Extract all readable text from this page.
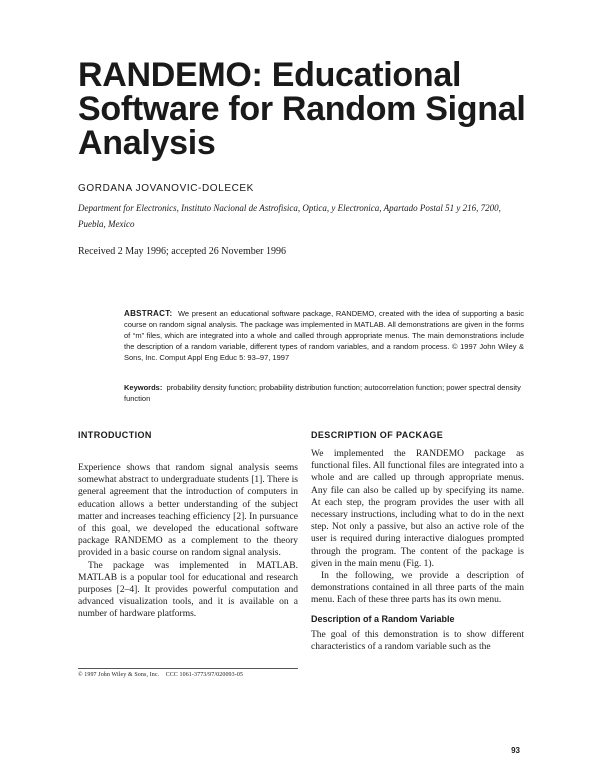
RANDEMO: Educational Software for Random Signal Analysis
GORDANA JOVANOVIC-DOLECEK
Department for Electronics, Instituto Nacional de Astrofisica, Optica, y Electronica, Apartado Postal 51 y 216, 7200, Puebla, Mexico
Received 2 May 1996; accepted 26 November 1996
ABSTRACT: We present an educational software package, RANDEMO, created with the idea of supporting a basic course on random signal analysis. The package was implemented in MATLAB. All demonstrations are given in the forms of “m” files, which are integrated into a whole and called through appropriate menus. The main demonstrations include the description of a random variable, different types of random variables, and a random process. © 1997 John Wiley & Sons, Inc. Comput Appl Eng Educ 5: 93–97, 1997
Keywords: probability density function; probability distribution function; autocorrelation function; power spectral density function
INTRODUCTION

Experience shows that random signal analysis seems somewhat abstract to undergraduate students [1]. There is general agreement that the introduction of computers in education allows a better understanding of the subject matter and increases teaching efficiency [2]. In pursuance of this goal, we developed the educational software package RANDEMO as a complement to the theory provided in a basic course on random signal analysis.

The package was implemented in MATLAB. MATLAB is a popular tool for educational and research purposes [2–4]. It provides powerful computation and advanced visualization tools, and it is available on a number of hardware platforms.

DESCRIPTION OF PACKAGE

We implemented the RANDEMO package as functional files. All functional files are integrated into a whole and are called up through appropriate menus. Any file can also be called up by specifying its name. At each step, the program provides the user with all necessary instructions, including what to do in the next step. Not only a passive, but also an active role of the user is required during interactive dialogues prompted through the program. The content of the package is given in the main menu (Fig. 1).

In the following, we provide a description of demonstrations contained in all three parts of the main menu. Each of these three parts has its own menu.

Description of a Random Variable

The goal of this demonstration is to show different characteristics of a random variable such as the

© 1997 John Wiley & Sons, Inc.    CCC 1061-3773/97/020093-05
93
